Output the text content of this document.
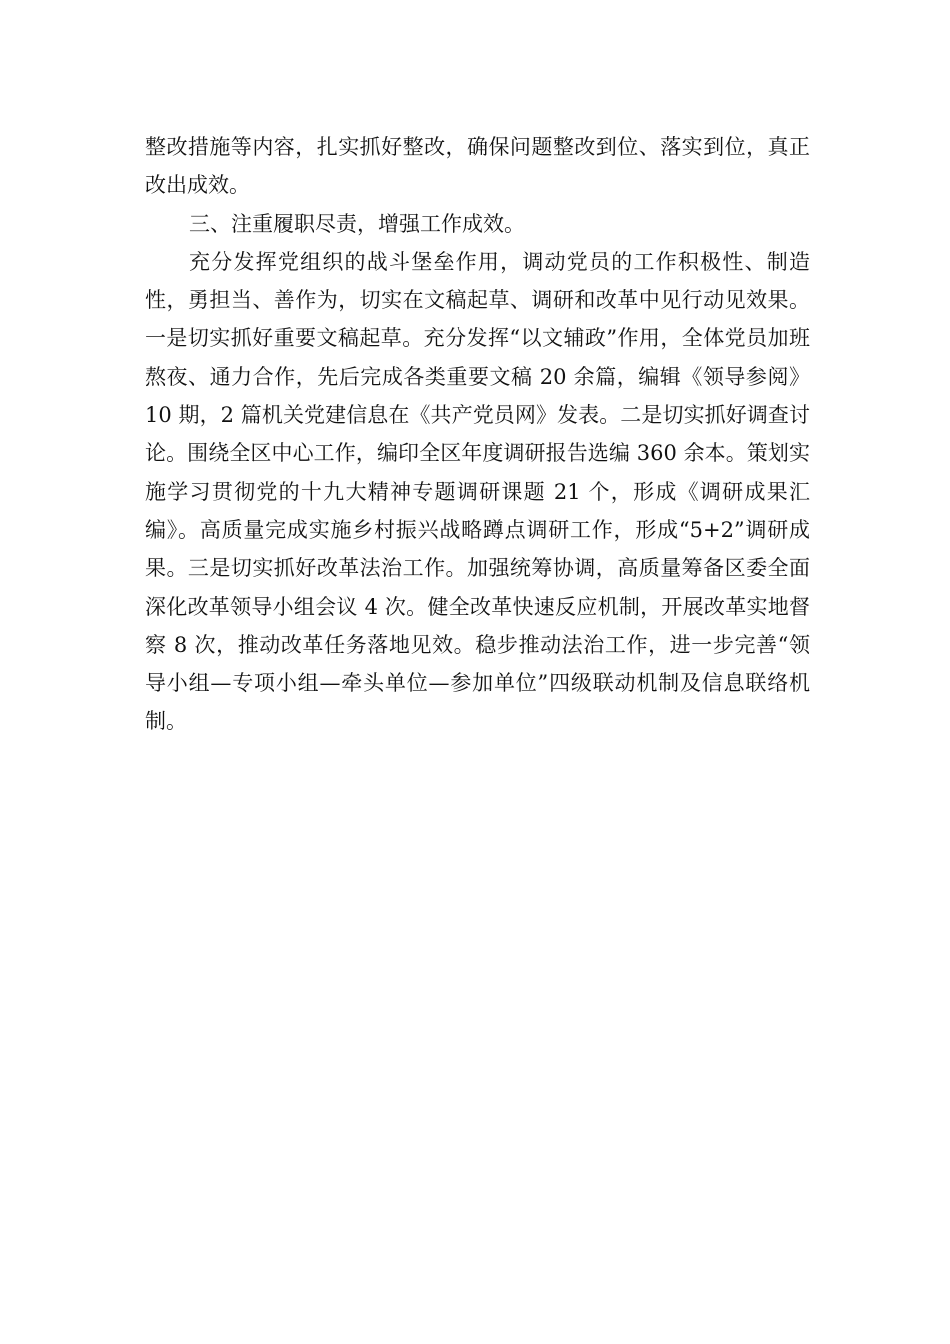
整改措施等内容，扎实抓好整改，确保问题整改到位、落实到位，真正改出成效。

三、注重履职尽责，增强工作成效。

充分发挥党组织的战斗堡垒作用，调动党员的工作积极性、制造性，勇担当、善作为，切实在文稿起草、调研和改革中见行动见效果。一是切实抓好重要文稿起草。充分发挥“以文辅政”作用，全体党员加班熬夜、通力合作，先后完成各类重要文稿 20 余篇，编辑《领导参阅》10 期，2 篇机关党建信息在《共产党员网》发表。二是切实抓好调查讨论。围绕全区中心工作，编印全区年度调研报告选编 360 余本。策划实施学习贯彻党的十九大精神专题调研课题 21 个，形成《调研成果汇编》。高质量完成实施乡村振兴战略蹲点调研工作，形成“5+2”调研成果。三是切实抓好改革法治工作。加强统筹协调，高质量筹备区委全面深化改革领导小组会议 4 次。健全改革快速反应机制，开展改革实地督察 8 次，推动改革任务落地见效。稳步推动法治工作，进一步完善“领导小组—专项小组—牵头单位—参加单位”四级联动机制及信息联络机制。
